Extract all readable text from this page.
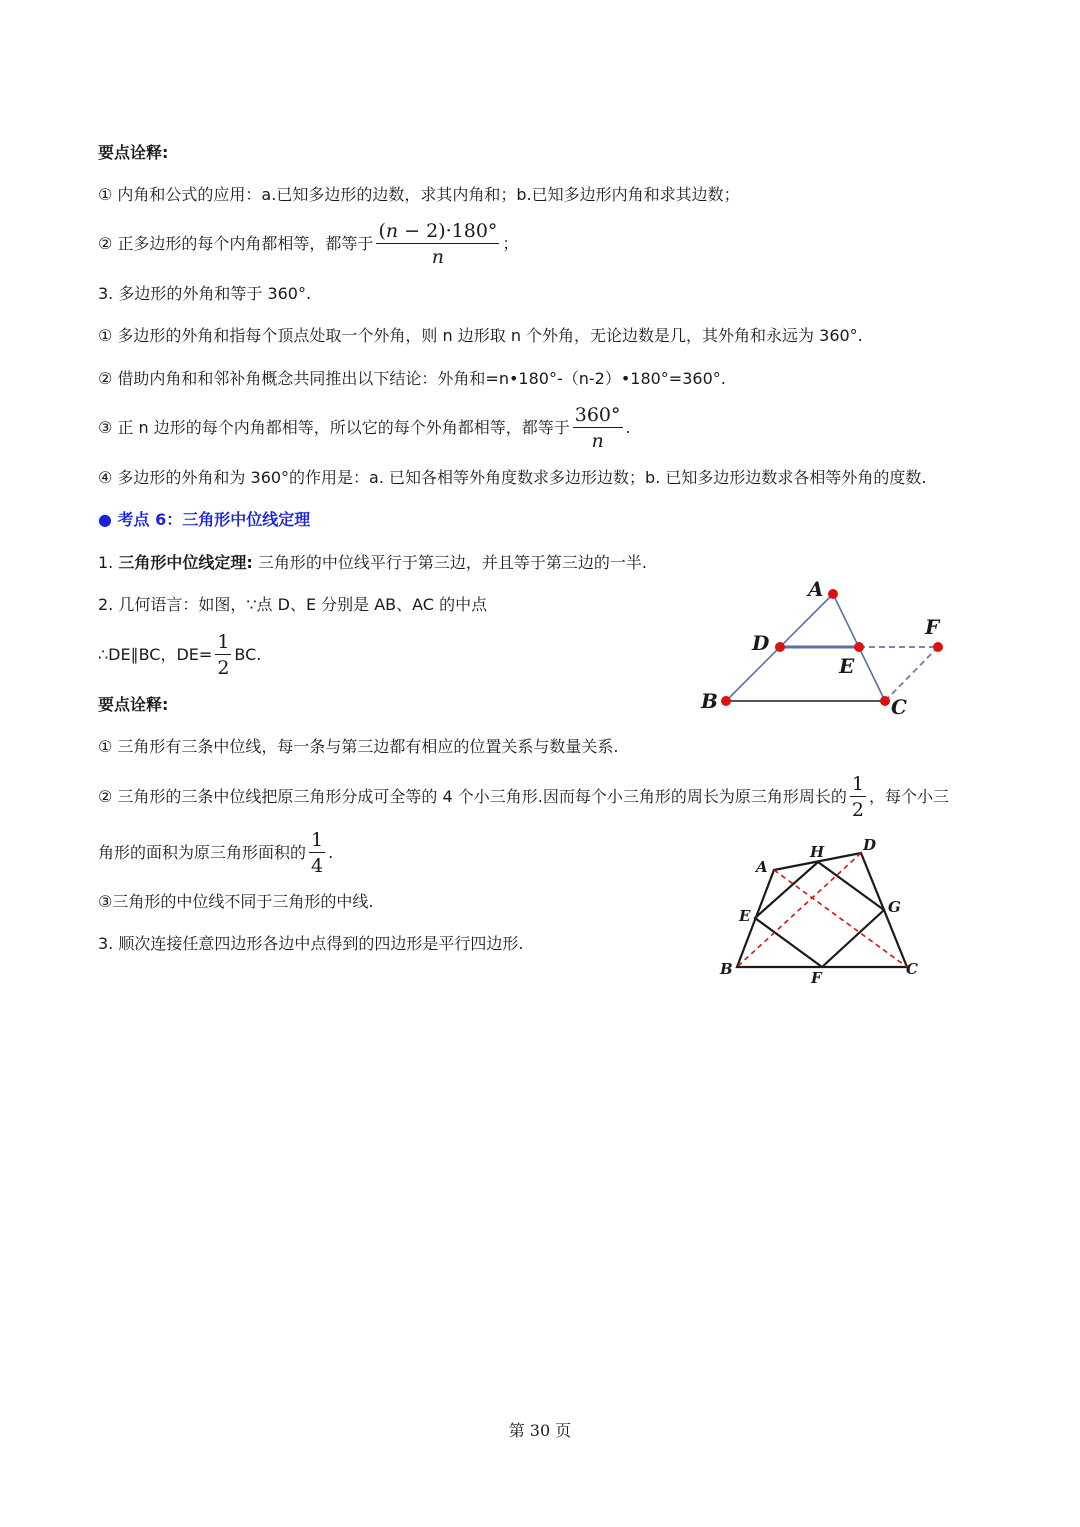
要点诠释:
① 内角和公式的应用：a.已知多边形的边数，求其内角和；b.已知多边形内角和求其边数；
② 正多边形的每个内角都相等，都等于 $\frac{(n - 2)\cdot 180^\circ}{n}$ ；
3. 多边形的外角和等于 360°.
① 多边形的外角和指每个顶点处取一个外角，则 n 边形取 n 个外角，无论边数是几，其外角和永远为 360°.
② 借助内角和和邻补角概念共同推出以下结论：外角和=n•180°-（n-2）•180°=360°.
③ 正 n 边形的每个内角都相等，所以它的每个外角都相等，都等于 $\frac{360^\circ}{n}$ .
④ 多边形的外角和为 360°的作用是：a. 已知各相等外角度数求多边形边数；b. 已知多边形边数求各相等外角的度数.
● 考点 6：三角形中位线定理
1. 三角形中位线定理: 三角形的中位线平行于第三边，并且等于第三边的一半.
2. 几何语言：如图，∵点 D、E 分别是 AB、AC 的中点
∴DE∥BC，$DE= \frac{1}{2}$ BC.
要点诠释:
① 三角形有三条中位线，每一条与第三边都有相应的位置关系与数量关系.
② 三角形的三条中位线把原三角形分成可全等的 4 个小三角形.因而每个小三角形的周长为原三角形周长的 $\frac{1}{2}$ ，每个小三
角形的面积为原三角形面积的 $\frac{1}{4}$ .
③三角形的中位线不同于三角形的中线.
3. 顺次连接任意四边形各边中点得到的四边形是平行四边形.
A
D
E
F
B	C
A
H	D
E	G
B	F	C
第 30 页
